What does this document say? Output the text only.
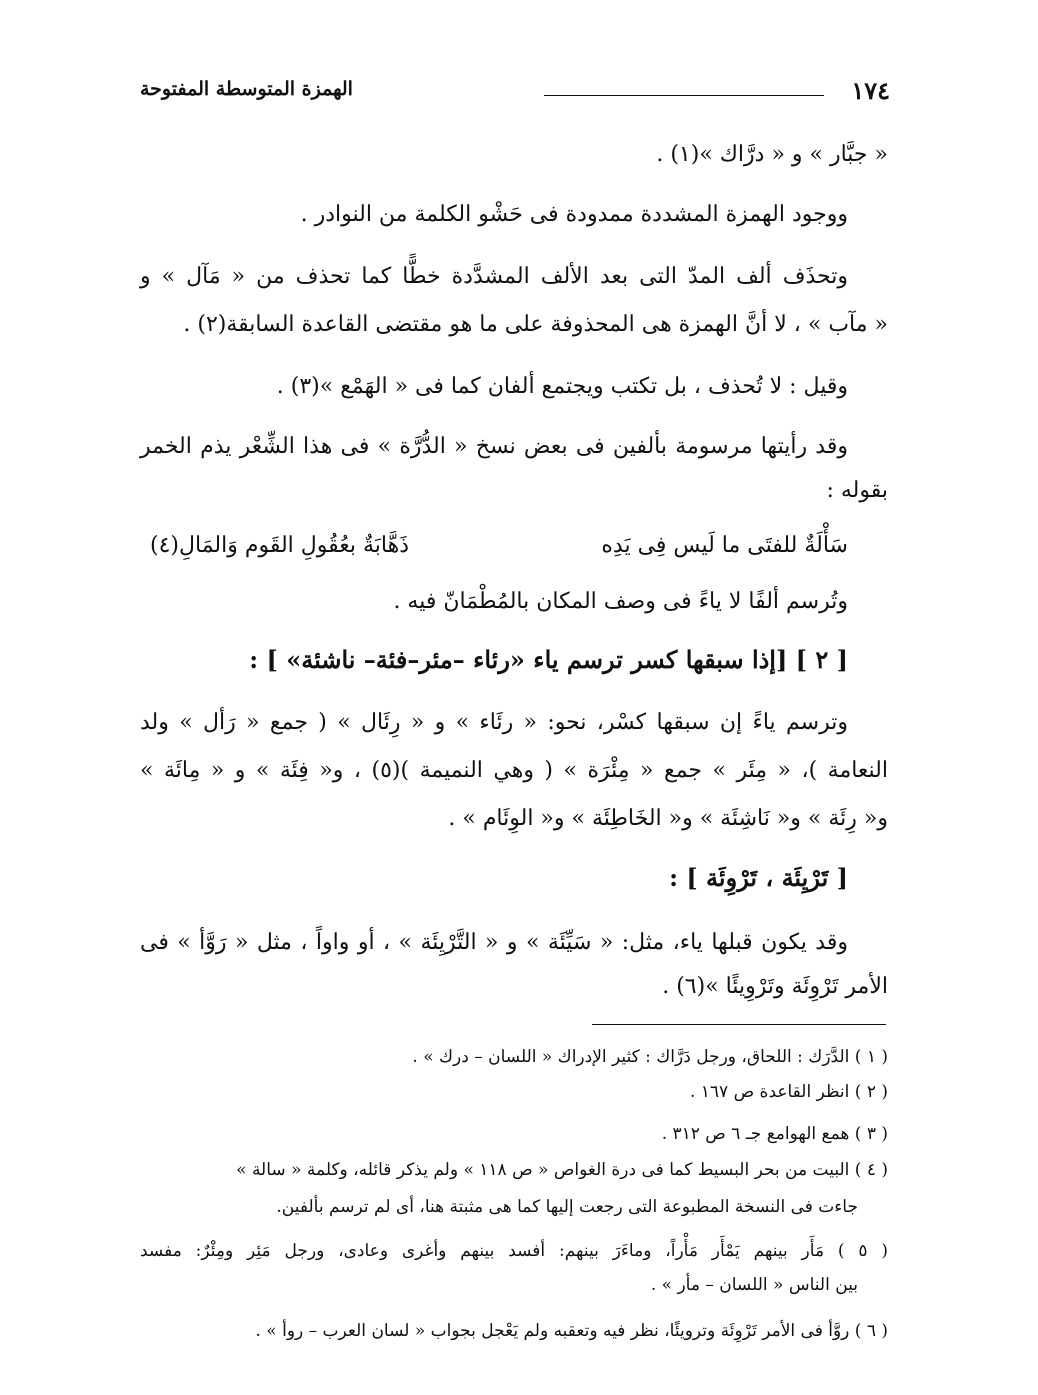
١٧٤
الهمزة المتوسطة المفتوحة
« جبَّار » و « درَّاك »(١) .
ووجود الهمزة المشددة ممدودة فى حَشْو الكلمة من النوادر .
وتحذَف ألف المدّ التى بعد الألف المشدَّدة خطًّا كما تحذف من « مَآل » و
« مآب » ، لا أنَّ الهمزة هى المحذوفة على ما هو مقتضى القاعدة السابقة(٢) .
وقيل : لا تُحذف ، بل تكتب ويجتمع ألفان كما فى « الهَمْع »(٣) .
وقد رأيتها مرسومة بألفين فى بعض نسخ « الدُّرَّة » فى هذا الشِّعْر يذم الخمر
بقوله :
سَأْلَةٌ للفتَى ما لَيس فِى يَدِه
ذَهَّابَةٌ بعُقُولِ القَوم وَالمَالِ(٤)
وتُرسم ألفًا لا ياءً فى وصف المكان بالمُطْمَانّ فيه .
[ ٢ ] [إذا سبقها كسر ترسم ياء «رئاء –مئر–فئة– ناشئة» ] :
وترسم ياءً إن سبقها كسْر، نحو: « رئَاء » و « رِئَال » ( جمع « رَأل » ولد
النعامة )، « مِئَر » جمع « مِئْرَة » ( وهي النميمة )(٥) ، و« فِئَة » و « مِائَة »
و« رِئَة » و« نَاشِئَة » و« الخَاطِئَة » و« الوِئَام » .
[ تَرْيِئَة ، تَرْوِئَة ] :
وقد يكون قبلها ياء، مثل: « سَيِّئَة » و « التَّرْيِئَة » ، أو واواً ، مثل « رَوَّأ » فى
الأمر تَرْوِئَة وتَرْوِيئًا »(٦) .
( ١ ) الدَّرَك : اللحاق، ورجل دَرَّاك : كثير الإدراك « اللسان – درك » .
( ٢ ) انظر القاعدة ص ١٦٧ .
( ٣ ) همع الهوامع جـ ٦ ص ٣١٢ .
( ٤ ) البيت من بحر البسيط كما فى درة الغواص « ص ١١٨ » ولم يذكر قائله، وكلمة « سالة »
جاءت فى النسخة المطبوعة التى رجعت إليها كما هى مثبتة هنا، أى لم ترسم بألفين.
( ٥ ) مَأَر بينهم يَمْأَر مَأْراً، وماءَرَ بينهم: أفسد بينهم وأغرى وعادى، ورجل مَئِر ومِئْرٌ: مفسد
بين الناس « اللسان – مأر » .
( ٦ ) روَّأ فى الأمر تَرْوِئَة وترويئًا، نظر فيه وتعقبه ولم يَعْجل بجواب « لسان العرب – روأ » .
